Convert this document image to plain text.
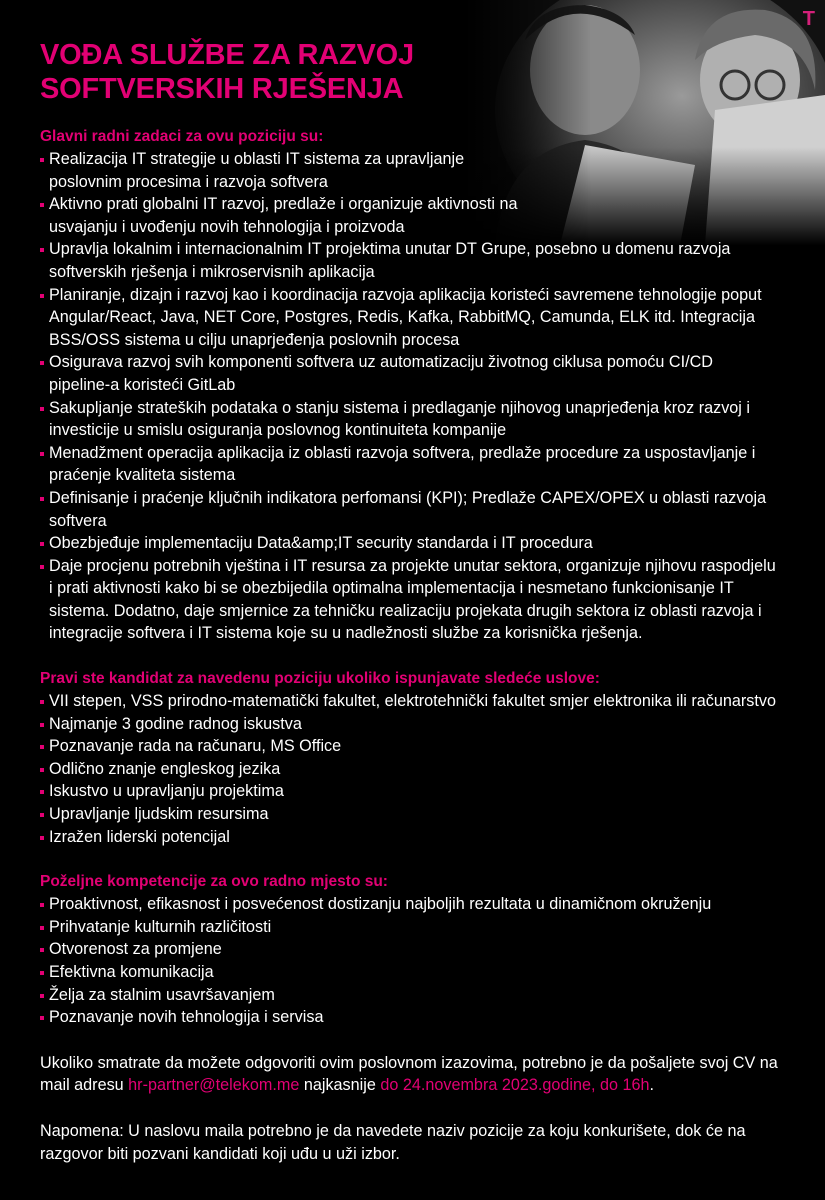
T
VOĐA SLUŽBE ZA RAZVOJ
SOFTVERSKIH RJEŠENJA

Glavni radni zadaci za ovu poziciju su:

Realizacija IT strategije u oblasti IT sistema za upravljanje
poslovnim procesima i razvoja softvera
Aktivno prati globalni IT razvoj, predlaže i organizuje aktivnosti na
usvajanju i uvođenju novih tehnologija i proizvoda
Upravlja lokalnim i internacionalnim IT projektima unutar DT Grupe, posebno u domenu razvoja
softverskih rješenja i mikroservisnih aplikacija
Planiranje, dizajn i razvoj kao i koordinacija razvoja aplikacija koristeći savremene tehnologije poput
Angular/React, Java, NET Core, Postgres, Redis, Kafka, RabbitMQ, Camunda, ELK itd. Integracija
BSS/OSS sistema u cilju unaprjeđenja poslovnih procesa
Osigurava razvoj svih komponenti softvera uz automatizaciju životnog ciklusa pomoću CI/CD
pipeline-a koristeći GitLab
Sakupljanje strateških podataka o stanju sistema i predlaganje njihovog unaprjeđenja kroz razvoj i
investicije u smislu osiguranja poslovnog kontinuiteta kompanije
Menadžment operacija aplikacija iz oblasti razvoja softvera, predlaže procedure za uspostavljanje i
praćenje kvaliteta sistema
Definisanje i praćenje ključnih indikatora perfomansi (KPI); Predlaže CAPEX/OPEX u oblasti razvoja
softvera
Obezbjeđuje implementaciju Data&amp;IT security standarda i IT procedura
Daje procjenu potrebnih vještina i IT resursa za projekte unutar sektora, organizuje njihovu raspodjelu
i prati aktivnosti kako bi se obezbijedila optimalna implementacija i nesmetano funkcionisanje IT
sistema. Dodatno, daje smjernice za tehničku realizaciju projekata drugih sektora iz oblasti razvoja i
integracije softvera i IT sistema koje su u nadležnosti službe za korisnička rješenja.

Pravi ste kandidat za navedenu poziciju ukoliko ispunjavate sledeće uslove:

VII stepen, VSS prirodno-matematički fakultet, elektrotehnički fakultet smjer elektronika ili računarstvo
Najmanje 3 godine radnog iskustva
Poznavanje rada na računaru, MS Office
Odlično znanje engleskog jezika
Iskustvo u upravljanju projektima
Upravljanje ljudskim resursima
Izražen liderski potencijal

Poželjne kompetencije za ovo radno mjesto su:

Proaktivnost, efikasnost i posvećenost dostizanju najboljih rezultata u dinamičnom okruženju
Prihvatanje kulturnih različitosti
Otvorenost za promjene
Efektivna komunikacija
Želja za stalnim usavršavanjem
Poznavanje novih tehnologija i servisa

Ukoliko smatrate da možete odgovoriti ovim poslovnom izazovima, potrebno je da pošaljete svoj CV na
mail adresu hr-partner@telekom.me najkasnije do 24.novembra 2023.godine, do 16h.

Napomena: U naslovu maila potrebno je da navedete naziv pozicije za koju konkurišete, dok će na
razgovor biti pozvani kandidati koji uđu u uži izbor.
